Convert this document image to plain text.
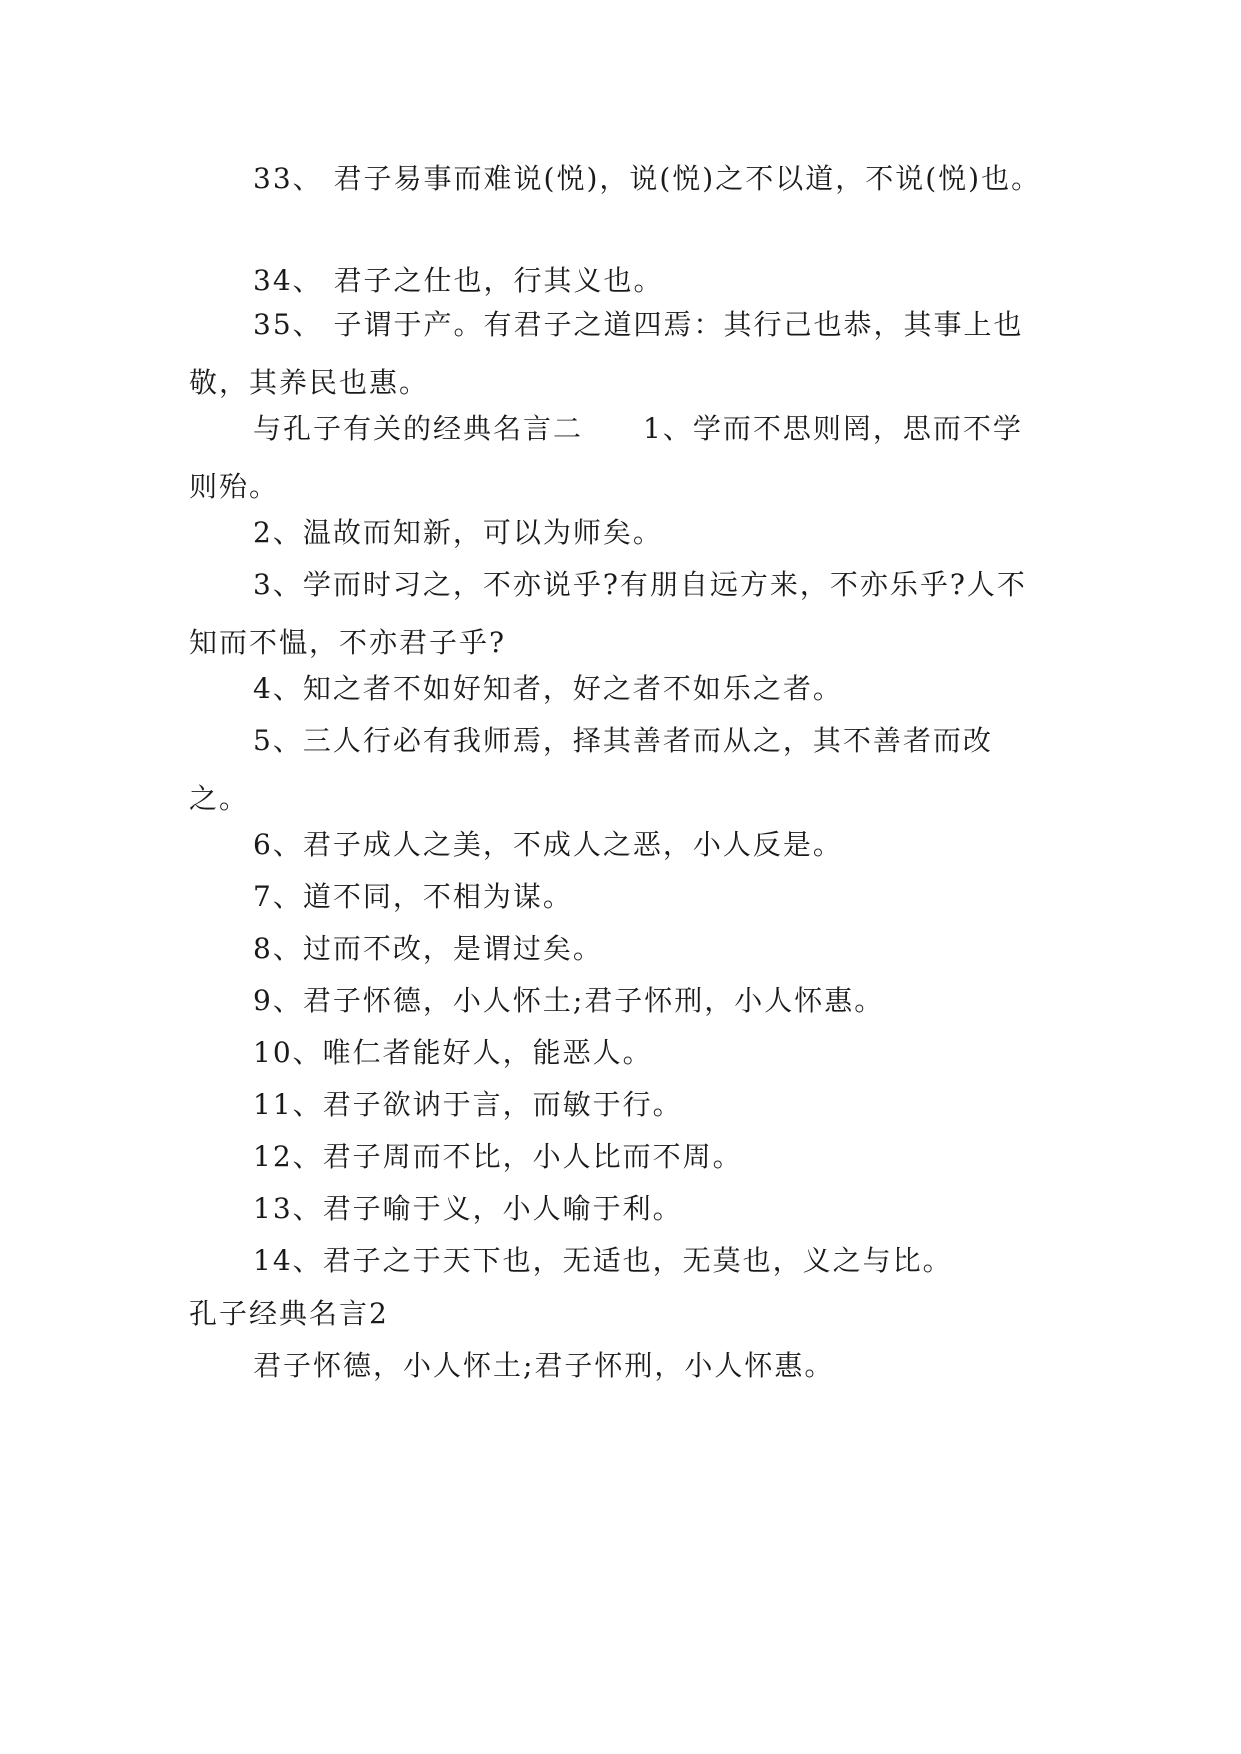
33、 君子易事而难说(悦)，说(悦)之不以道，不说(悦)也。

34、 君子之仕也，行其义也。

35、 子谓于产。有君子之道四焉：其行己也恭，其事上也敬，其养民也惠。

与孔子有关的经典名言二　　1、学而不思则罔，思而不学则殆。

2、温故而知新，可以为师矣。

3、学而时习之，不亦说乎?有朋自远方来，不亦乐乎?人不知而不愠，不亦君子乎?

4、知之者不如好知者，好之者不如乐之者。

5、三人行必有我师焉，择其善者而从之，其不善者而改之。

6、君子成人之美，不成人之恶，小人反是。

7、道不同，不相为谋。

8、过而不改，是谓过矣。

9、君子怀德，小人怀土;君子怀刑，小人怀惠。

10、唯仁者能好人，能恶人。

11、君子欲讷于言，而敏于行。

12、君子周而不比，小人比而不周。

13、君子喻于义，小人喻于利。

14、君子之于天下也，无适也，无莫也，义之与比。

孔子经典名言2

君子怀德，小人怀土;君子怀刑，小人怀惠。
